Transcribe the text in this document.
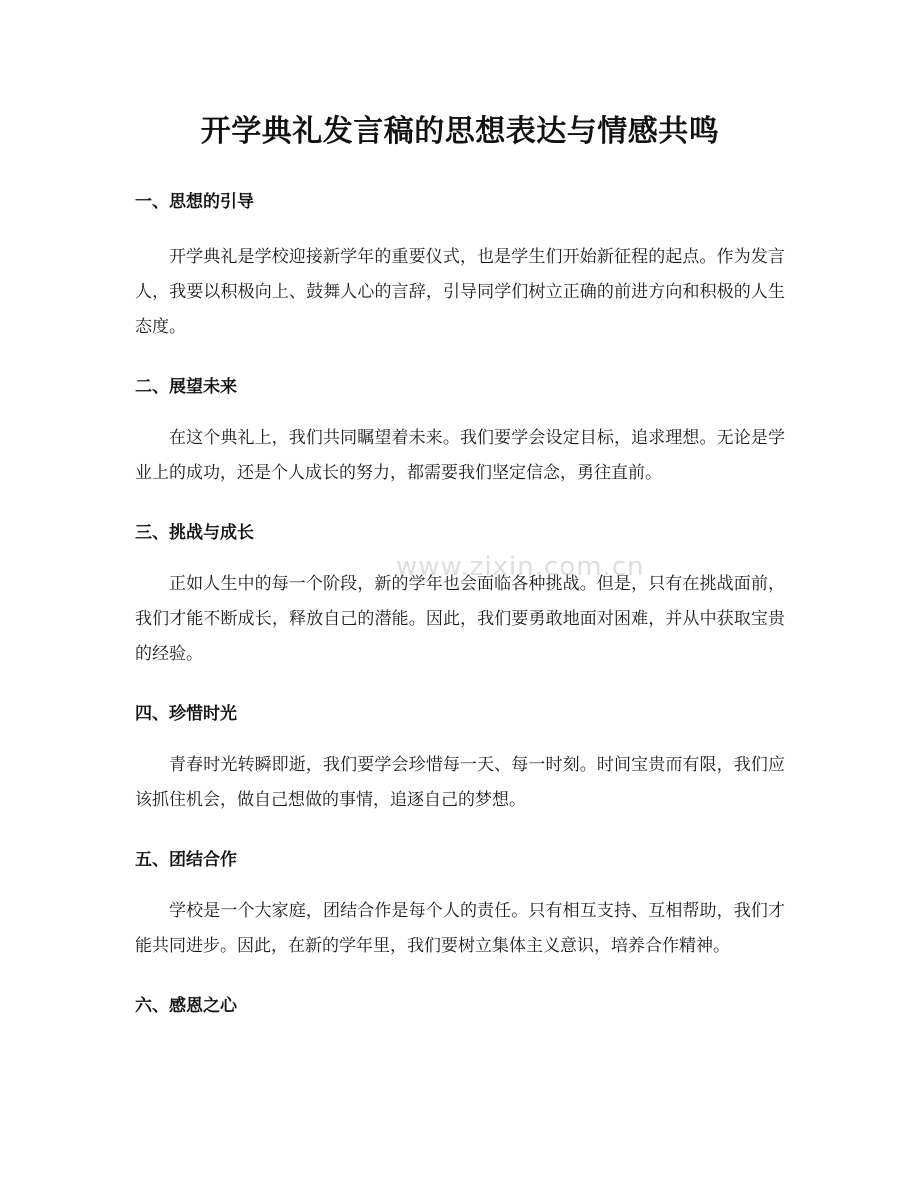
开学典礼发言稿的思想表达与情感共鸣
一、思想的引导

开学典礼是学校迎接新学年的重要仪式，也是学生们开始新征程的起点。作为发言人，我要以积极向上、鼓舞人心的言辞，引导同学们树立正确的前进方向和积极的人生态度。

二、展望未来

在这个典礼上，我们共同瞩望着未来。我们要学会设定目标，追求理想。无论是学业上的成功，还是个人成长的努力，都需要我们坚定信念，勇往直前。

三、挑战与成长

正如人生中的每一个阶段，新的学年也会面临各种挑战。但是，只有在挑战面前，我们才能不断成长，释放自己的潜能。因此，我们要勇敢地面对困难，并从中获取宝贵的经验。

四、珍惜时光

青春时光转瞬即逝，我们要学会珍惜每一天、每一时刻。时间宝贵而有限，我们应该抓住机会，做自己想做的事情，追逐自己的梦想。

五、团结合作

学校是一个大家庭，团结合作是每个人的责任。只有相互支持、互相帮助，我们才能共同进步。因此，在新的学年里，我们要树立集体主义意识，培养合作精神。

六、感恩之心
www.zixin.com.cn
